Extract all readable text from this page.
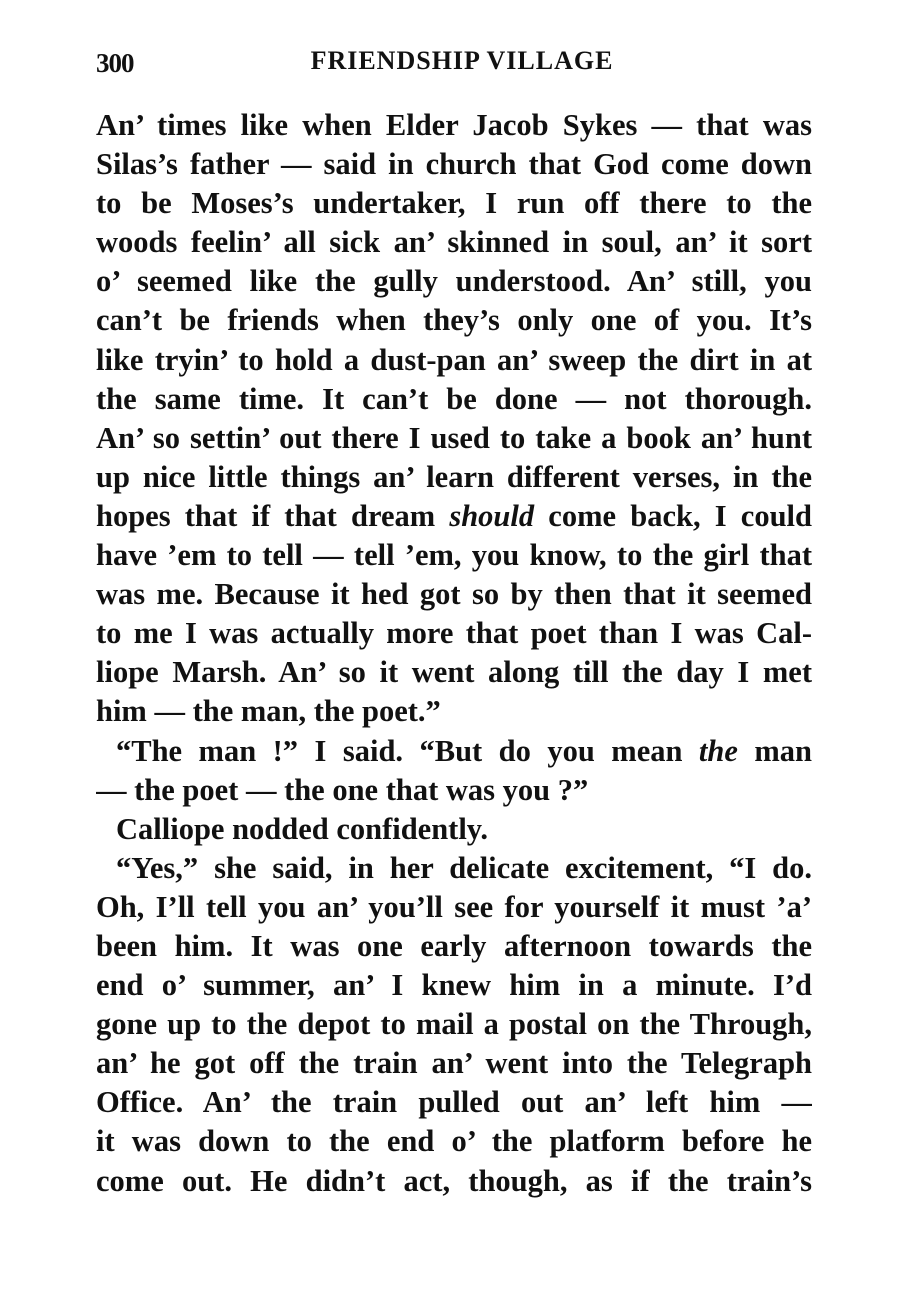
300	FRIENDSHIP VILLAGE
An’ times like when Elder Jacob Sykes — that was
Silas’s father — said in church that God come down
to be Moses’s undertaker, I run off there to the
woods feelin’ all sick an’ skinned in soul, an’ it sort
o’ seemed like the gully understood. An’ still, you
can’t be friends when they’s only one of you. It’s
like tryin’ to hold a dust-pan an’ sweep the dirt in at
the same time. It can’t be done — not thorough.
An’ so settin’ out there I used to take a book an’ hunt
up nice little things an’ learn different verses, in the
hopes that if that dream should come back, I could
have ’em to tell — tell ’em, you know, to the girl that
was me. Because it hed got so by then that it seemed
to me I was actually more that poet than I was Cal-
liope Marsh. An’ so it went along till the day I met
him — the man, the poet.”
“The man !” I said. “But do you mean the man
— the poet — the one that was you ?”
Calliope nodded confidently.
“Yes,” she said, in her delicate excitement, “I do.
Oh, I’ll tell you an’ you’ll see for yourself it must ’a’
been him. It was one early afternoon towards the
end o’ summer, an’ I knew him in a minute. I’d
gone up to the depot to mail a postal on the Through,
an’ he got off the train an’ went into the Telegraph
Office. An’ the train pulled out an’ left him —
it was down to the end o’ the platform before he
come out. He didn’t act, though, as if the train’s
